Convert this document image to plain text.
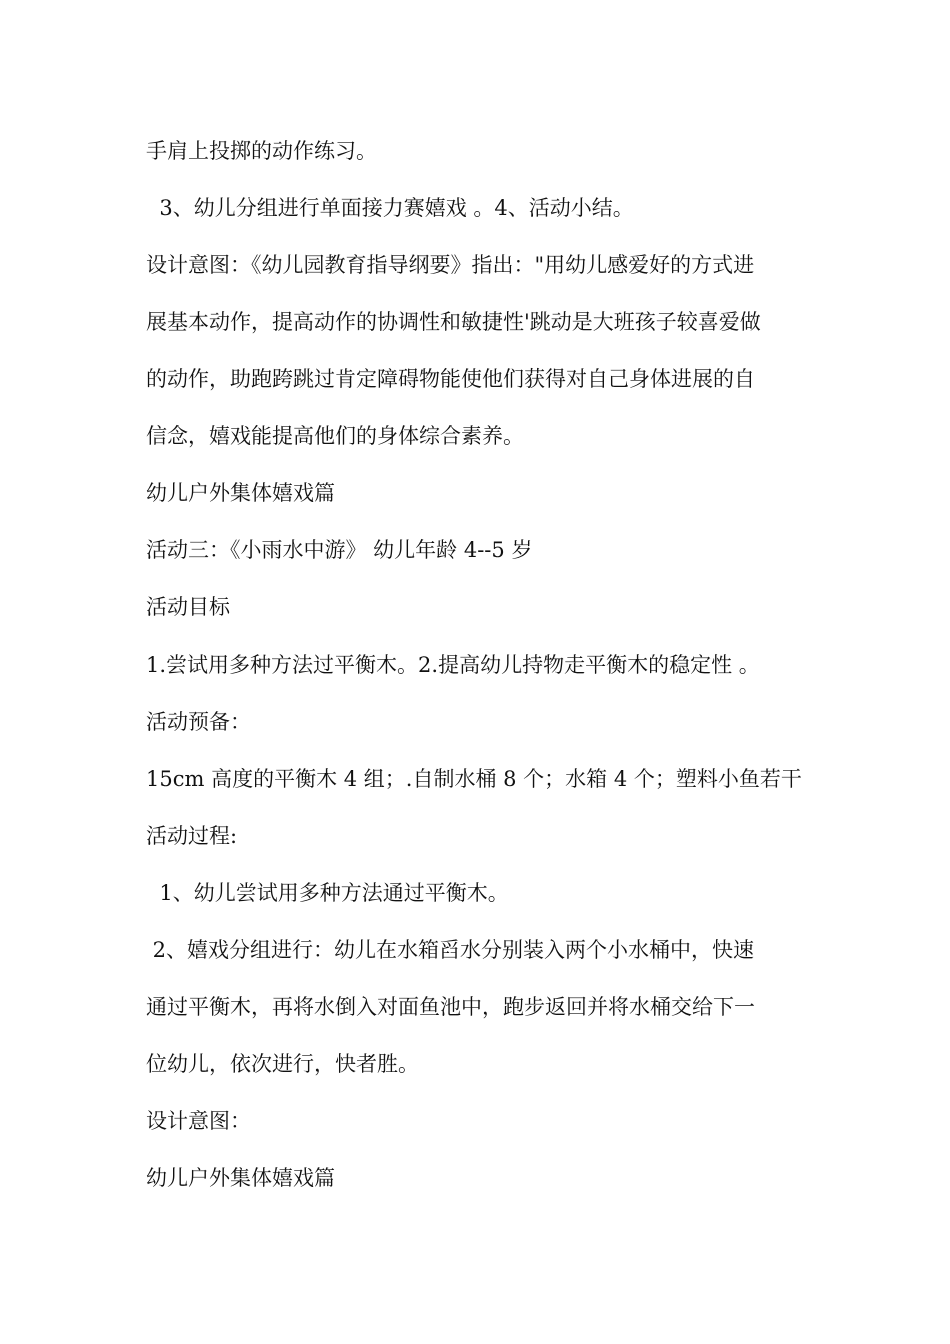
手肩上投掷的动作练习。
3、幼儿分组进行单面接力赛嬉戏 。4、活动小结。
设计意图：《幼儿园教育指导纲要》指出："用幼儿感爱好的方式进
展基本动作，提高动作的协调性和敏捷性'跳动是大班孩子较喜爱做
的动作，助跑跨跳过肯定障碍物能使他们获得对自己身体进展的自
信念，嬉戏能提高他们的身体综合素养。
幼儿户外集体嬉戏篇
活动三：《小雨水中游》 幼儿年龄 4--5 岁
活动目标
1.尝试用多种方法过平衡木。2.提高幼儿持物走平衡木的稳定性 。
活动预备：
15cm 高度的平衡木 4 组；.自制水桶 8 个；水箱 4 个；塑料小鱼若干
活动过程:
1、幼儿尝试用多种方法通过平衡木。
2、嬉戏分组进行：幼儿在水箱舀水分别装入两个小水桶中，快速
通过平衡木，再将水倒入对面鱼池中，跑步返回并将水桶交给下一
位幼儿，依次进行，快者胜。
设计意图：
幼儿户外集体嬉戏篇
